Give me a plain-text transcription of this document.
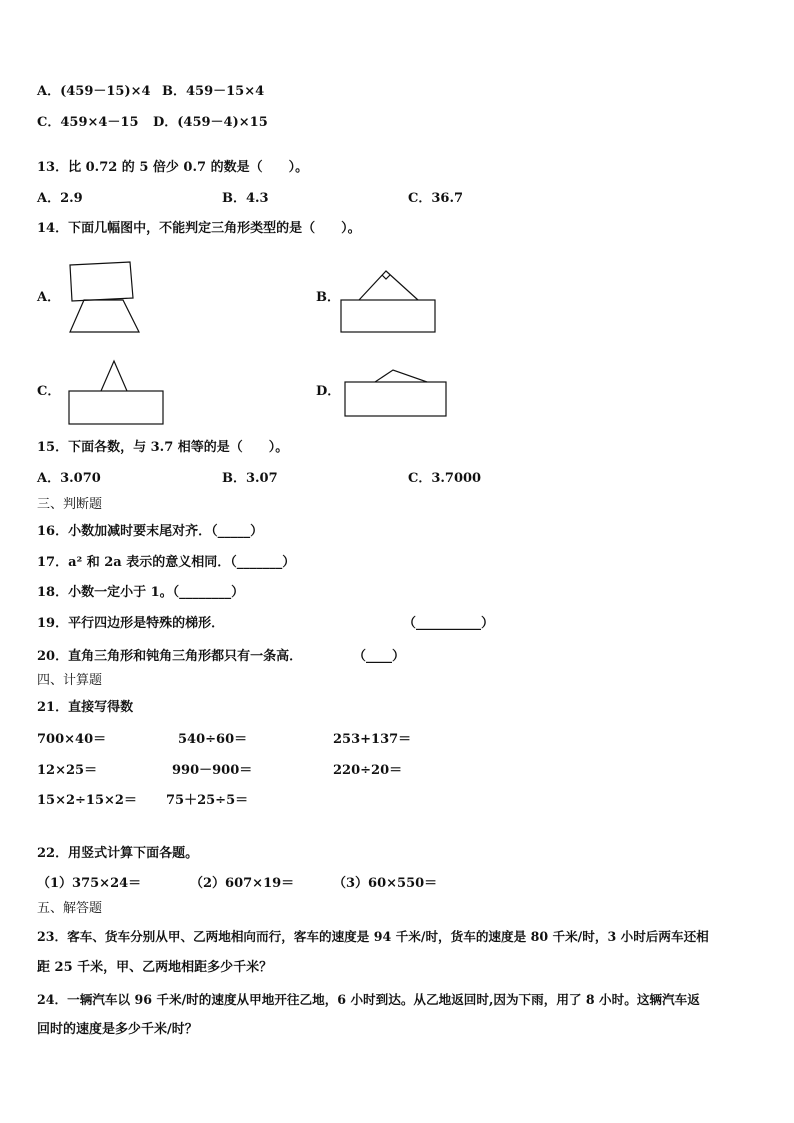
A．(459－15)×4 B．459－15×4
C．459×4－15 D．(459－4)×15
13．比 0.72 的 5 倍少 0.7 的数是（　　）。
A．2.9	B．4.3	C．36.7
14．下面几幅图中，不能判定三角形类型的是（　　）。
A．	B．
C．	D．
15．下面各数，与 3.7 相等的是（　　）。
A．3.070	B．3.07	C．3.7000
三、判断题
16．小数加减时要末尾对齐．（_____）
17．a² 和 2a 表示的意义相同．（_______）
18．小数一定小于 1。（________）
19．平行四边形是特殊的梯形．	（__________）
20．直角三角形和钝角三角形都只有一条高．	（____）
四、计算题
21．直接写得数
700×40＝	540÷60＝	253+137＝
12×25＝	990－900＝	220÷20＝
15×2÷15×2＝ 75＋25÷5＝
22．用竖式计算下面各题。
（1）375×24＝	（2）607×19＝	（3）60×550＝
五、解答题
23．客车、货车分别从甲、乙两地相向而行，客车的速度是 94 千米/时，货车的速度是 80 千米/时，3 小时后两车还相
距 25 千米，甲、乙两地相距多少千米？
24．一辆汽车以 96 千米/时的速度从甲地开往乙地，6 小时到达。从乙地返回时,因为下雨，用了 8 小时。这辆汽车返
回时的速度是多少千米/时？
